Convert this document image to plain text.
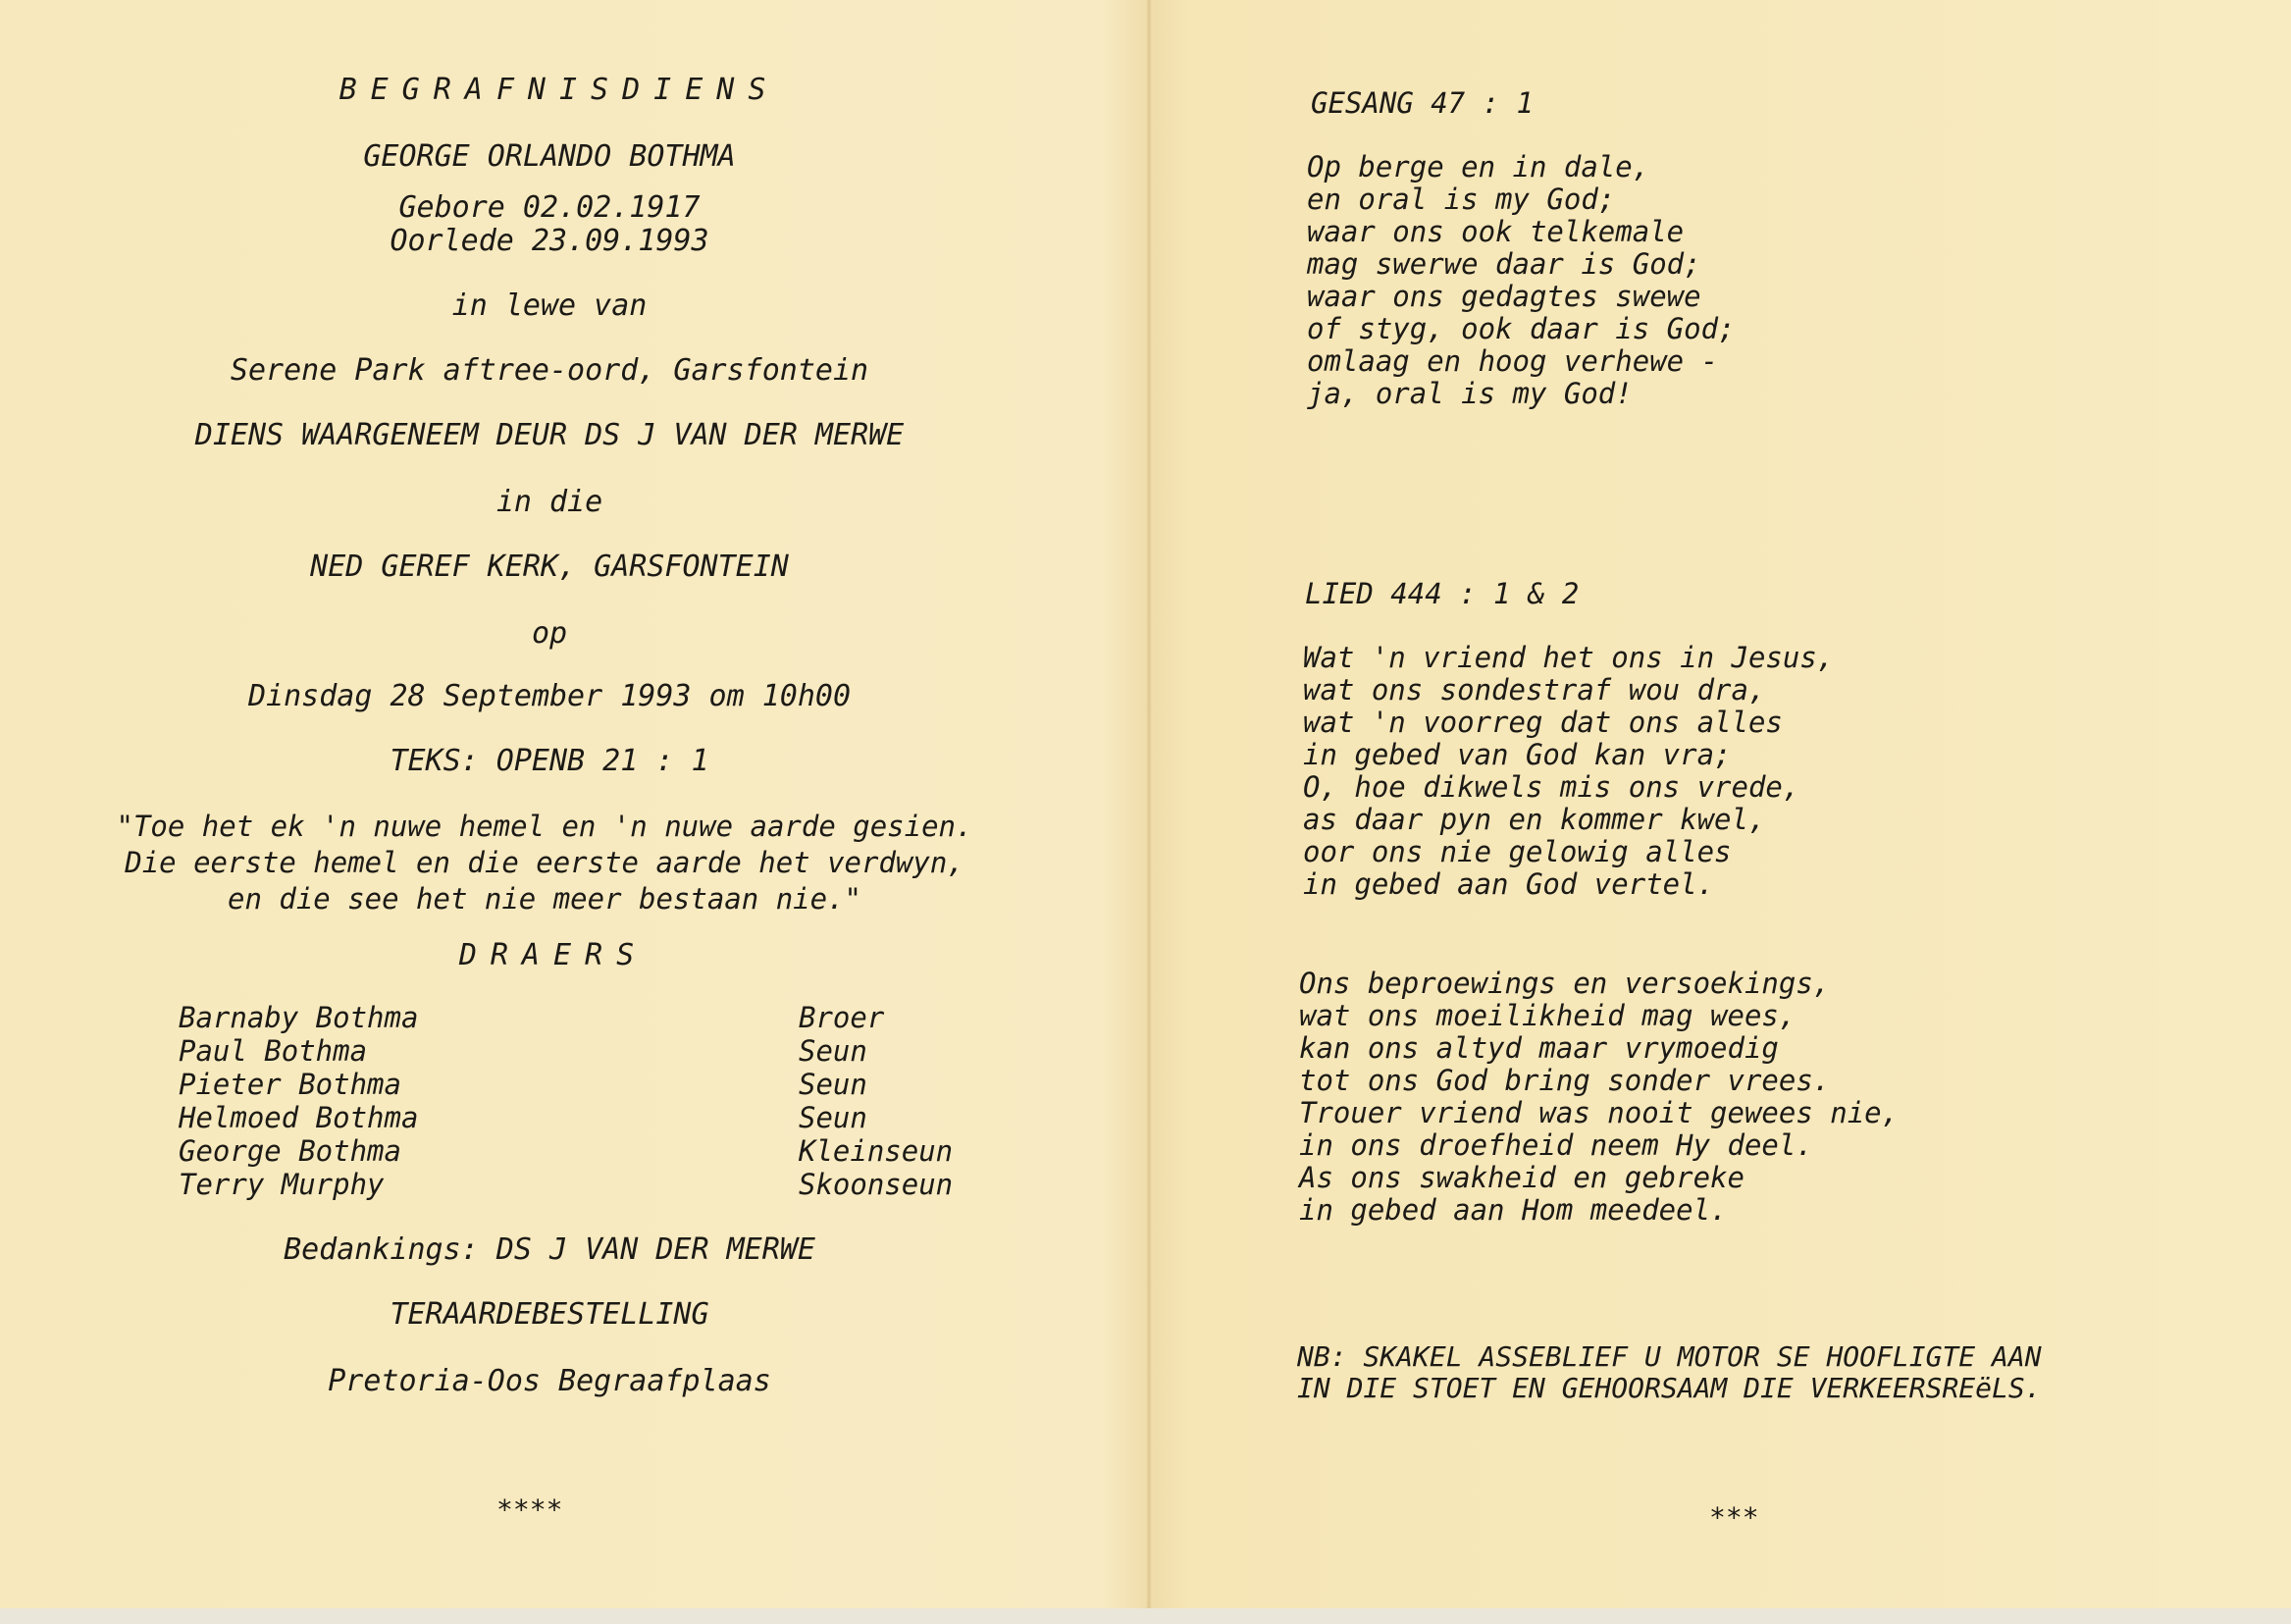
BEGRAFNISDIENS
GEORGE ORLANDO BOTHMA
Gebore 02.02.1917
Oorlede 23.09.1993
in lewe van
Serene Park aftree-oord, Garsfontein
DIENS WAARGENEEM DEUR DS J VAN DER MERWE
in die
NED GEREF KERK, GARSFONTEIN
op
Dinsdag 28 September 1993 om 10h00
TEKS: OPENB 21 : 1
"Toe het ek 'n nuwe hemel en 'n nuwe aarde gesien.
Die eerste hemel en die eerste aarde het verdwyn,
en die see het nie meer bestaan nie."
DRAERS
Barnaby Bothma	Broer
Paul Bothma	Seun
Pieter Bothma	Seun
Helmoed Bothma	Seun
George Bothma	Kleinseun
Terry Murphy	Skoonseun
Bedankings: DS J VAN DER MERWE
TERAARDEBESTELLING
Pretoria-Oos Begraafplaas
****
GESANG 47 : 1
Op berge en in dale,
en oral is my God;
waar ons ook telkemale
mag swerwe daar is God;
waar ons gedagtes swewe
of styg, ook daar is God;
omlaag en hoog verhewe -
ja, oral is my God!
LIED 444 : 1 & 2
Wat 'n vriend het ons in Jesus,
wat ons sondestraf wou dra,
wat 'n voorreg dat ons alles
in gebed van God kan vra;
O, hoe dikwels mis ons vrede,
as daar pyn en kommer kwel,
oor ons nie gelowig alles
in gebed aan God vertel.
Ons beproewings en versoekings,
wat ons moeilikheid mag wees,
kan ons altyd maar vrymoedig
tot ons God bring sonder vrees.
Trouer vriend was nooit gewees nie,
in ons droefheid neem Hy deel.
As ons swakheid en gebreke
in gebed aan Hom meedeel.
NB: SKAKEL ASSEBLIEF U MOTOR SE HOOFLIGTE AAN
IN DIE STOET EN GEHOORSAAM DIE VERKEERSREëLS.
***
